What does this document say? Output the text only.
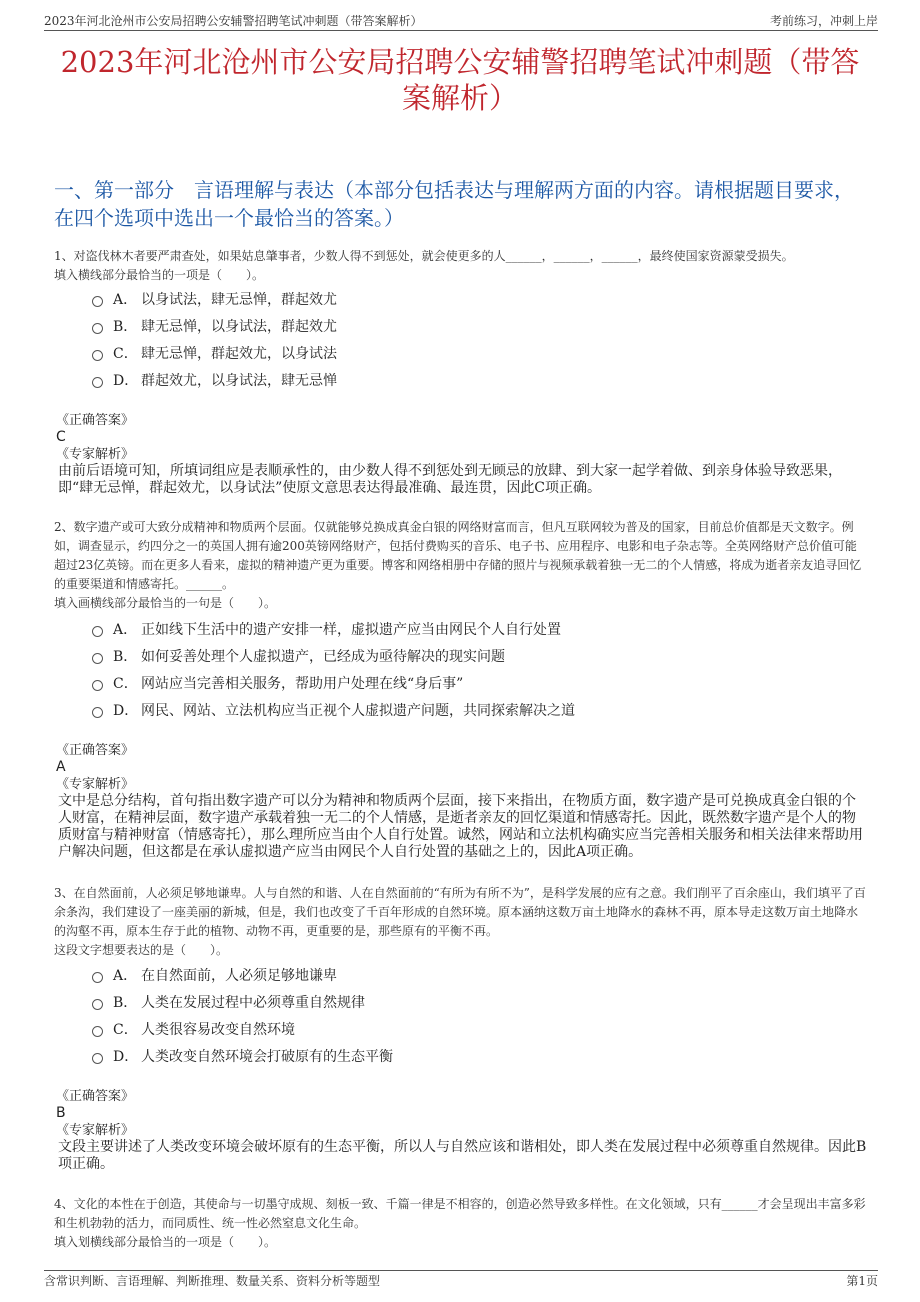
2023年河北沧州市公安局招聘公安辅警招聘笔试冲刺题（带答案解析）	考前练习，冲刺上岸
2023年河北沧州市公安局招聘公安辅警招聘笔试冲刺题（带答案解析）
一、第一部分　言语理解与表达（本部分包括表达与理解两方面的内容。请根据题目要求，在四个选项中选出一个最恰当的答案。）

1、对盗伐林木者要严肃查处，如果姑息肇事者，少数人得不到惩处，就会使更多的人______，______，______，最终使国家资源蒙受损失。

填入横线部分最恰当的一项是（　　）。

A． 以身试法，肆无忌惮，群起效尤
B． 肆无忌惮，以身试法，群起效尤
C． 肆无忌惮，群起效尤，以身试法
D． 群起效尤，以身试法，肆无忌惮

《正确答案》

C

《专家解析》

由前后语境可知，所填词组应是表顺承性的，由少数人得不到惩处到无顾忌的放肆、到大家一起学着做、到亲身体验导致恶果，即“肆无忌惮，群起效尤，以身试法”使原文意思表达得最准确、最连贯，因此C项正确。

2、数字遗产或可大致分成精神和物质两个层面。仅就能够兑换成真金白银的网络财富而言，但凡互联网较为普及的国家，目前总价值都是天文数字。例如，调查显示，约四分之一的英国人拥有逾200英镑网络财产，包括付费购买的音乐、电子书、应用程序、电影和电子杂志等。全英网络财产总价值可能超过23亿英镑。而在更多人看来，虚拟的精神遗产更为重要。博客和网络相册中存储的照片与视频承载着独一无二的个人情感，将成为逝者亲友追寻回忆的重要渠道和情感寄托。______。

填入画横线部分最恰当的一句是（　　）。

A． 正如线下生活中的遗产安排一样，虚拟遗产应当由网民个人自行处置
B． 如何妥善处理个人虚拟遗产，已经成为亟待解决的现实问题
C． 网站应当完善相关服务，帮助用户处理在线“身后事”
D． 网民、网站、立法机构应当正视个人虚拟遗产问题，共同探索解决之道

《正确答案》

A

《专家解析》

文中是总分结构，首句指出数字遗产可以分为精神和物质两个层面，接下来指出，在物质方面，数字遗产是可兑换成真金白银的个人财富，在精神层面，数字遗产承载着独一无二的个人情感，是逝者亲友的回忆渠道和情感寄托。因此，既然数字遗产是个人的物质财富与精神财富（情感寄托），那么理所应当由个人自行处置。诚然，网站和立法机构确实应当完善相关服务和相关法律来帮助用户解决问题，但这都是在承认虚拟遗产应当由网民个人自行处置的基础之上的，因此A项正确。

3、在自然面前，人必须足够地谦卑。人与自然的和谐、人在自然面前的“有所为有所不为”，是科学发展的应有之意。我们削平了百余座山，我们填平了百余条沟，我们建设了一座美丽的新城，但是，我们也改变了千百年形成的自然环境。原本涵纳这数万亩土地降水的森林不再，原本导走这数万亩土地降水的沟壑不再，原本生存于此的植物、动物不再，更重要的是，那些原有的平衡不再。

这段文字想要表达的是（　　）。

A． 在自然面前，人必须足够地谦卑
B． 人类在发展过程中必须尊重自然规律
C． 人类很容易改变自然环境
D． 人类改变自然环境会打破原有的生态平衡

《正确答案》

B

《专家解析》

文段主要讲述了人类改变环境会破坏原有的生态平衡，所以人与自然应该和谐相处，即人类在发展过程中必须尊重自然规律。因此B项正确。

4、文化的本性在于创造，其使命与一切墨守成规、刻板一致、千篇一律是不相容的，创造必然导致多样性。在文化领域，只有______才会呈现出丰富多彩和生机勃勃的活力，而同质性、统一性必然窒息文化生命。

填入划横线部分最恰当的一项是（　　）。

含常识判断、言语理解、判断推理、数量关系、资料分析等题型	第1页
